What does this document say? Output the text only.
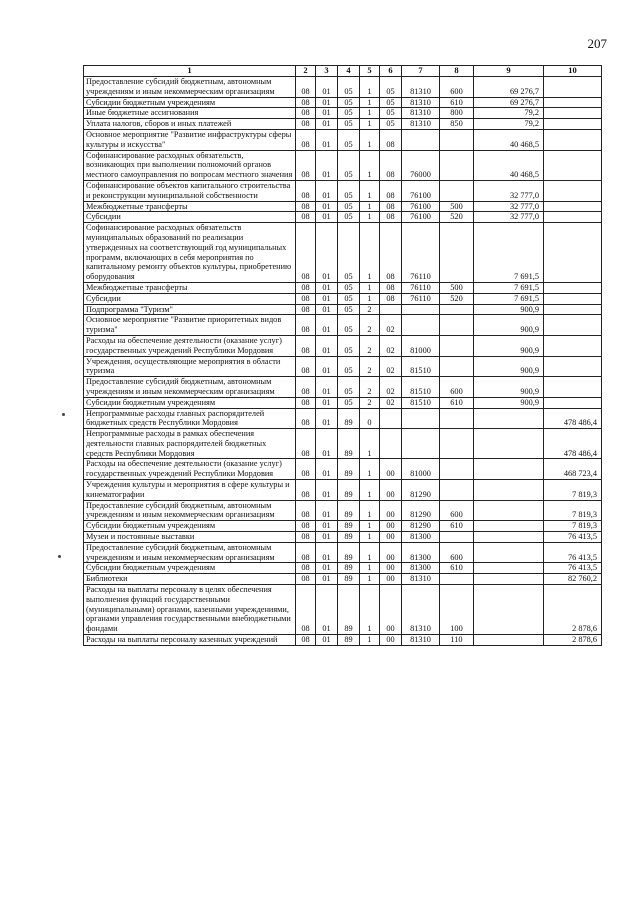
207
1	2	3	4	5	6	7	8	9	10
Предоставление субсидий бюджетным, автономным учреждениям и иным некоммерческим организациям	08	01	05	1	05	81310	600	69 276,7	
Субсидии бюджетным учреждениям	08	01	05	1	05	81310	610	69 276,7	
Иные бюджетные ассигнования	08	01	05	1	05	81310	800	79,2	
Уплата налогов, сборов и иных платежей	08	01	05	1	05	81310	850	79,2	
Основное мероприятие "Развитие инфраструктуры сферы культуры и искусства"	08	01	05	1	08			40 468,5	
Софинансирование расходных обязательств, возникающих при выполнении полномочий органов местного самоуправления по вопросам местного значения	08	01	05	1	08	76000		40 468,5	
Софинансирование объектов капитального строительства и реконструкции муниципальной собственности	08	01	05	1	08	76100		32 777,0	
Межбюджетные трансферты	08	01	05	1	08	76100	500	32 777,0	
Субсидии	08	01	05	1	08	76100	520	32 777,0	
Софинансирование расходных обязательств муниципальных образований по реализации утвержденных на соответствующий год муниципальных программ, включающих в себя мероприятия по капитальному ремонту объектов культуры, приобретению оборудования	08	01	05	1	08	76110		7 691,5	
Межбюджетные трансферты	08	01	05	1	08	76110	500	7 691,5	
Субсидии	08	01	05	1	08	76110	520	7 691,5	
Подпрограмма "Туризм"	08	01	05	2				900,9	
Основное мероприятие "Развитие приоритетных видов туризма"	08	01	05	2	02			900,9	
Расходы на обеспечение деятельности (оказание услуг) государственных учреждений Республики Мордовия	08	01	05	2	02	81000		900,9	
Учреждения, осуществляющие мероприятия в области туризма	08	01	05	2	02	81510		900,9	
Предоставление субсидий бюджетным, автономным учреждениям и иным некоммерческим организациям	08	01	05	2	02	81510	600	900,9	
Субсидии бюджетным учреждениям	08	01	05	2	02	81510	610	900,9	
Непрограммные расходы главных распорядителей бюджетных средств Республики Мордовия	08	01	89	0					478 486,4
Непрограммные расходы в рамках обеспечения деятельности главных распорядителей бюджетных средств Республики Мордовия	08	01	89	1					478 486,4
Расходы на обеспечение деятельности (оказание услуг) государственных учреждений Республики Мордовия	08	01	89	1	00	81000			468 723,4
Учреждения культуры и мероприятия в сфере культуры и кинематографии	08	01	89	1	00	81290			7 819,3
Предоставление субсидий бюджетным, автономным учреждениям и иным некоммерческим организациям	08	01	89	1	00	81290	600		7 819,3
Субсидии бюджетным учреждениям	08	01	89	1	00	81290	610		7 819,3
Музеи и постоянные выставки	08	01	89	1	00	81300			76 413,5
Предоставление субсидий бюджетным, автономным учреждениям и иным некоммерческим организациям	08	01	89	1	00	81300	600		76 413,5
Субсидии бюджетным учреждениям	08	01	89	1	00	81300	610		76 413,5
Библиотеки	08	01	89	1	00	81310			82 760,2
Расходы на выплаты персоналу в целях обеспечения выполнения функций государственными (муниципальными) органами, казенными учреждениями, органами управления государственными внебюджетными фондами	08	01	89	1	00	81310	100		2 878,6
Расходы на выплаты персоналу казенных учреждений	08	01	89	1	00	81310	110		2 878,6
